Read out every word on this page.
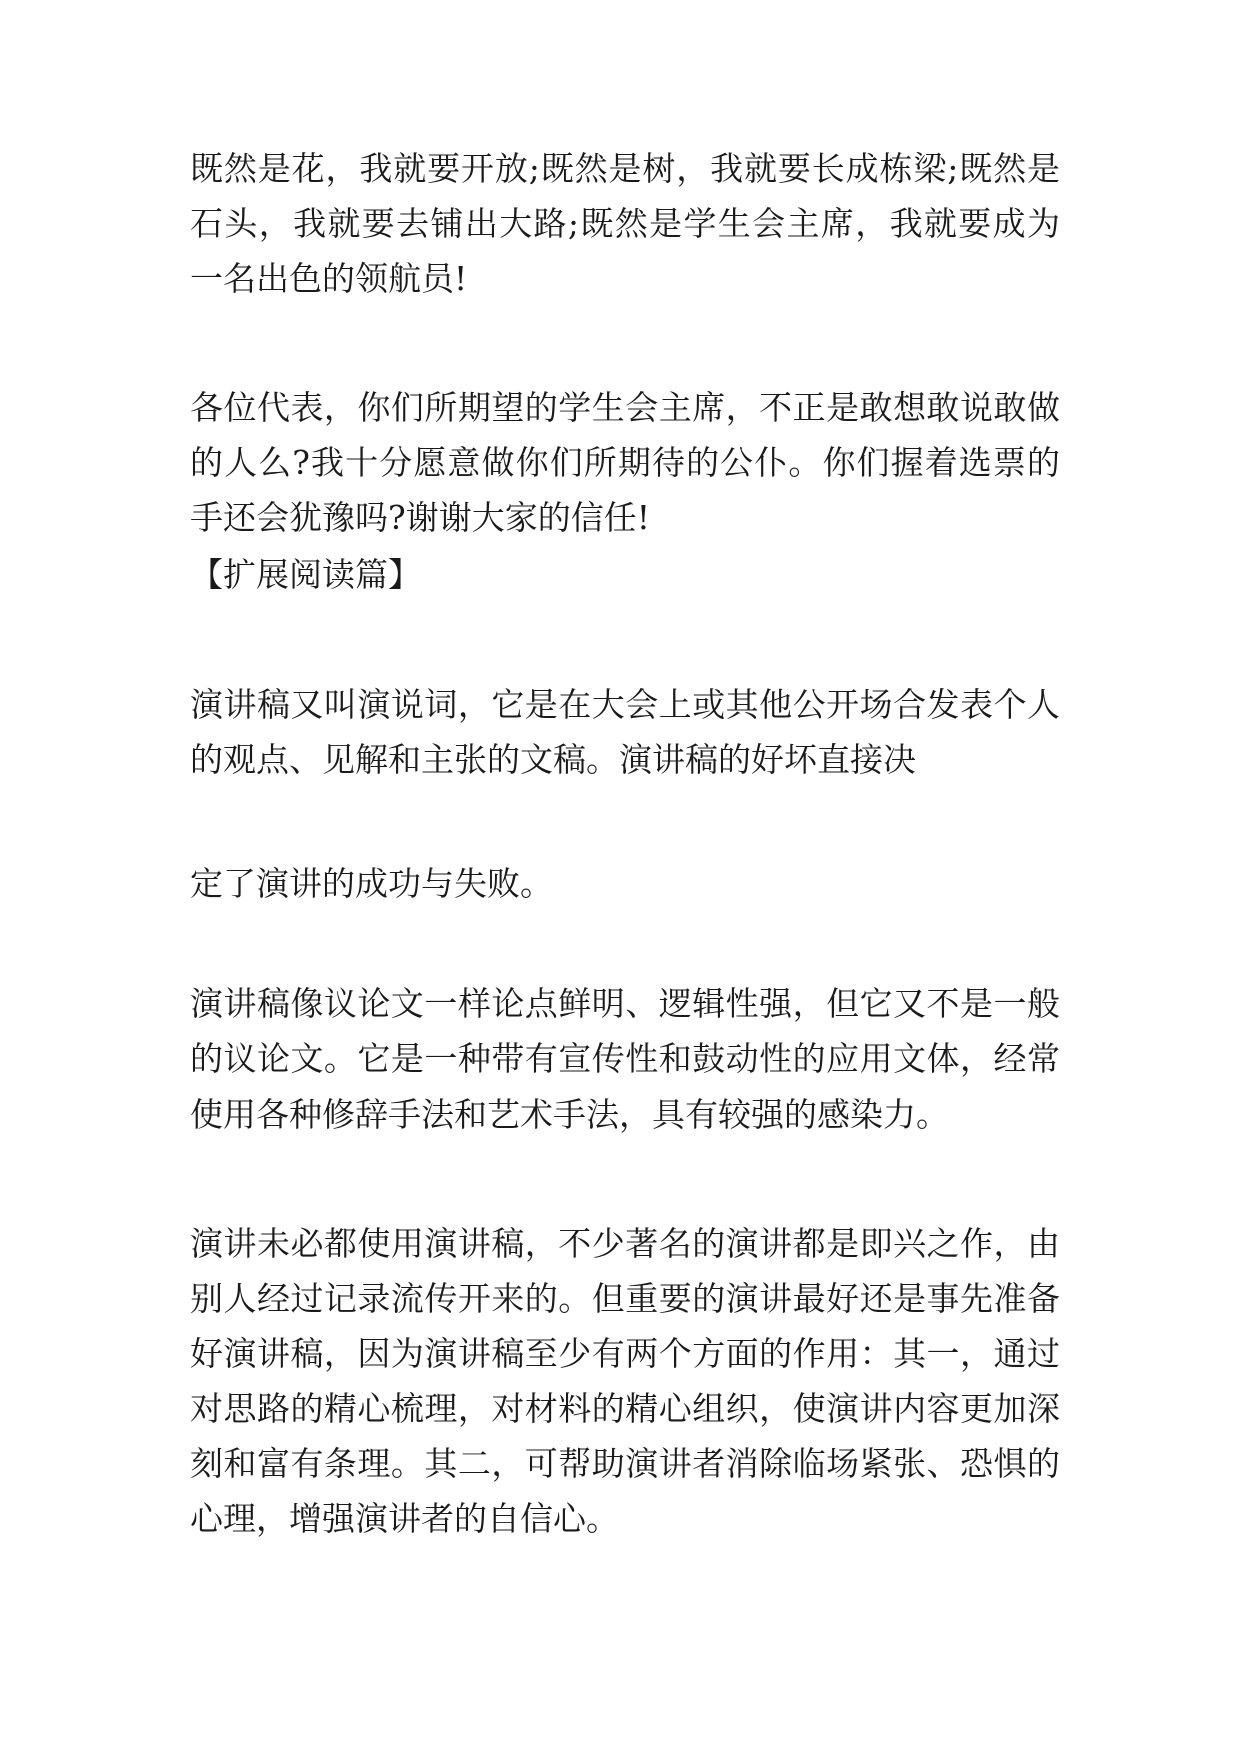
既然是花，我就要开放;既然是树，我就要长成栋梁;既然是
石头，我就要去铺出大路;既然是学生会主席，我就要成为
一名出色的领航员!
各位代表，你们所期望的学生会主席，不正是敢想敢说敢做
的人么?我十分愿意做你们所期待的公仆。你们握着选票的
手还会犹豫吗?谢谢大家的信任!
【扩展阅读篇】
演讲稿又叫演说词，它是在大会上或其他公开场合发表个人
的观点、见解和主张的文稿。演讲稿的好坏直接决
定了演讲的成功与失败。
演讲稿像议论文一样论点鲜明、逻辑性强，但它又不是一般
的议论文。它是一种带有宣传性和鼓动性的应用文体，经常
使用各种修辞手法和艺术手法，具有较强的感染力。
演讲未必都使用演讲稿，不少著名的演讲都是即兴之作，由
别人经过记录流传开来的。但重要的演讲最好还是事先准备
好演讲稿，因为演讲稿至少有两个方面的作用：其一，通过
对思路的精心梳理，对材料的精心组织，使演讲内容更加深
刻和富有条理。其二，可帮助演讲者消除临场紧张、恐惧的
心理，增强演讲者的自信心。
